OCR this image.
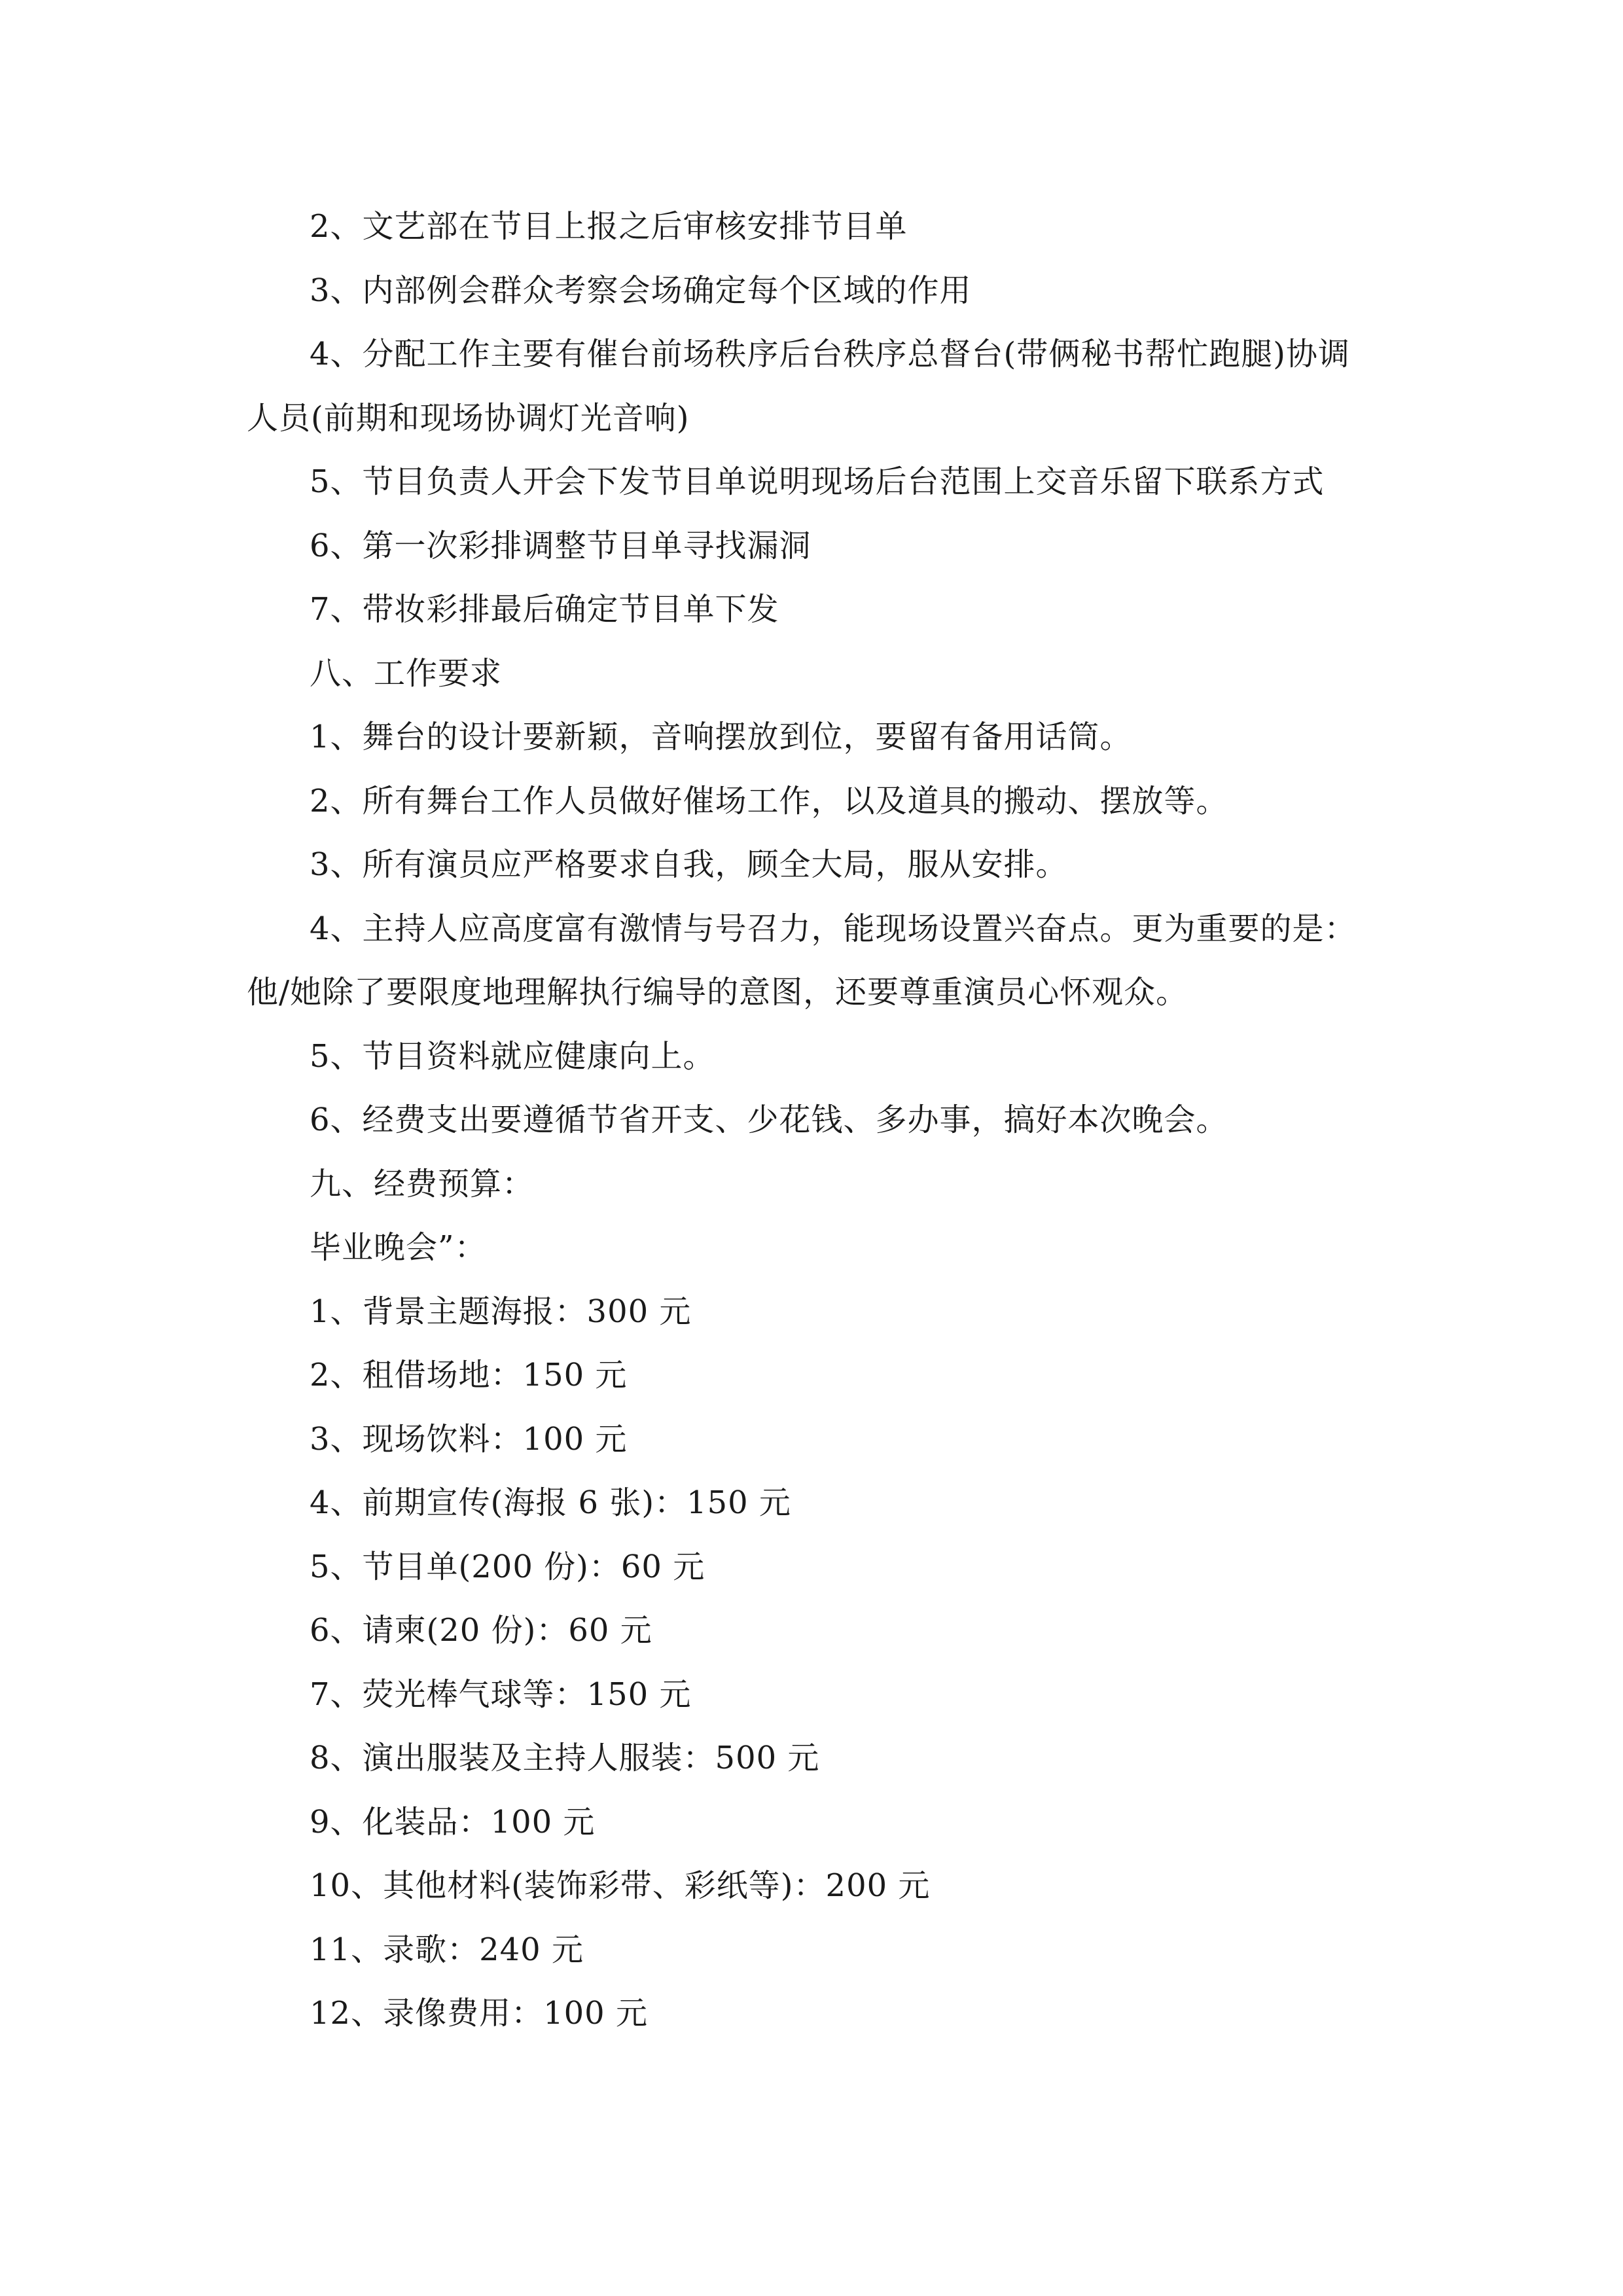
2、文艺部在节目上报之后审核安排节目单

3、内部例会群众考察会场确定每个区域的作用

4、分配工作主要有催台前场秩序后台秩序总督台(带俩秘书帮忙跑腿)协调人员(前期和现场协调灯光音响)

5、节目负责人开会下发节目单说明现场后台范围上交音乐留下联系方式

6、第一次彩排调整节目单寻找漏洞

7、带妆彩排最后确定节目单下发

八、工作要求

1、舞台的设计要新颖，音响摆放到位，要留有备用话筒。

2、所有舞台工作人员做好催场工作，以及道具的搬动、摆放等。

3、所有演员应严格要求自我，顾全大局，服从安排。

4、主持人应高度富有激情与号召力，能现场设置兴奋点。更为重要的是：他/她除了要限度地理解执行编导的意图，还要尊重演员心怀观众。

5、节目资料就应健康向上。

6、经费支出要遵循节省开支、少花钱、多办事，搞好本次晚会。

九、经费预算：

毕业晚会”：

1、背景主题海报：300 元

2、租借场地：150 元

3、现场饮料：100 元

4、前期宣传(海报 6 张)：150 元

5、节目单(200 份)：60 元

6、请柬(20 份)：60 元

7、荧光棒气球等：150 元

8、演出服装及主持人服装：500 元

9、化装品：100 元

10、其他材料(装饰彩带、彩纸等)：200 元

11、录歌：240 元

12、录像费用：100 元
